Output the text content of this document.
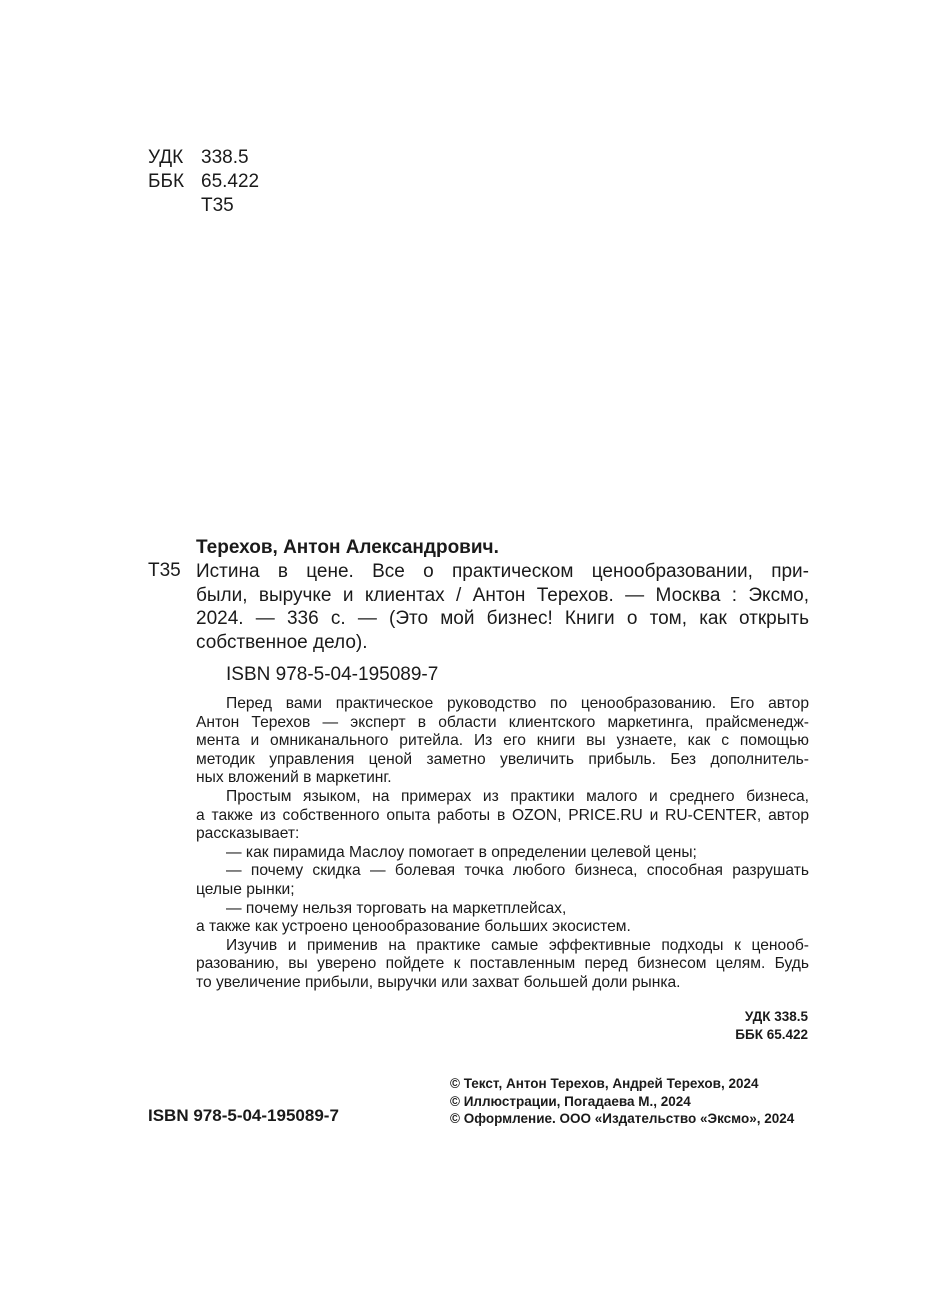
УДК 338.5
ББК 65.422
Т35
Терехов, Антон Александрович.
Т35 Истина в цене. Все о практическом ценообразовании, при-
были, выручке и клиентах / Антон Терехов. — Москва : Эксмо,
2024. — 336 с. — (Это мой бизнес! Книги о том, как открыть
собственное дело).
ISBN 978-5-04-195089-7

Перед вами практическое руководство по ценообразованию. Его автор
Антон Терехов — эксперт в области клиентского маркетинга, прайсменедж-
мента и омниканального ритейла. Из его книги вы узнаете, как с помощью
методик управления ценой заметно увеличить прибыль. Без дополнитель-
ных вложений в маркетинг.

Простым языком, на примерах из практики малого и среднего бизнеса,
а также из собственного опыта работы в OZON, PRICE.RU и RU-CENTER, автор
рассказывает:

— как пирамида Маслоу помогает в определении целевой цены;
— почему скидка — болевая точка любого бизнеса, способная разрушать
целые рынки;
— почему нельзя торговать на маркетплейсах,
а также как устроено ценообразование больших экосистем.

Изучив и применив на практике самые эффективные подходы к ценооб-
разованию, вы уверено пойдете к поставленным перед бизнесом целям. Будь
то увеличение прибыли, выручки или захват большей доли рынка.

УДК 338.5
ББК 65.422
ISBN 978-5-04-195089-7
© Текст, Антон Терехов, Андрей Терехов, 2024
© Иллюстрации, Погадаева М., 2024
© Оформление. ООО «Издательство «Эксмо», 2024
